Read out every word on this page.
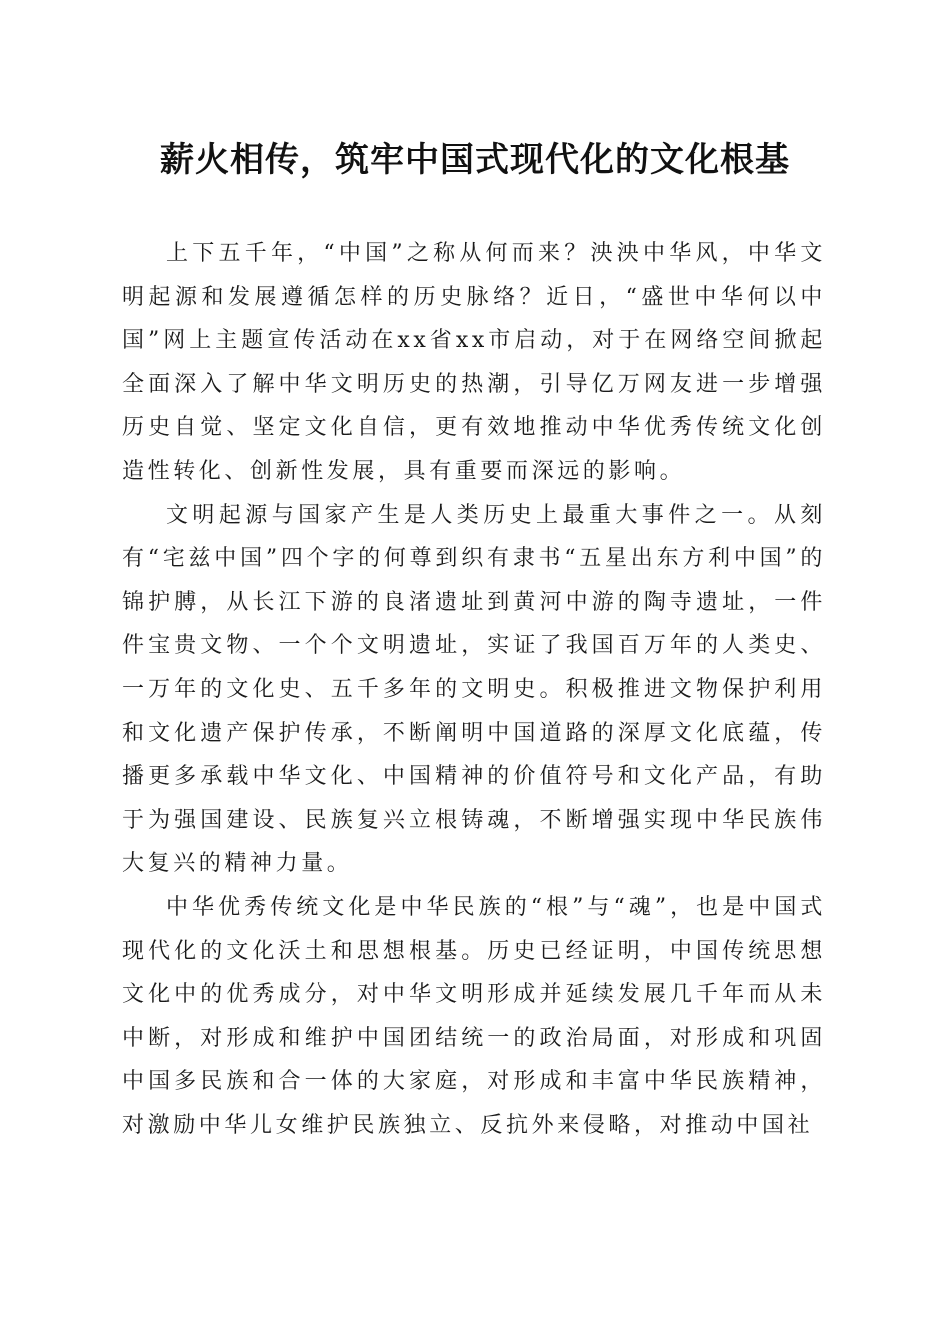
薪火相传，筑牢中国式现代化的文化根基

上下五千年，“中国”之称从何而来？泱泱中华风，中华文明起源和发展遵循怎样的历史脉络？近日，“盛世中华何以中国”网上主题宣传活动在xx省xx市启动，对于在网络空间掀起全面深入了解中华文明历史的热潮，引导亿万网友进一步增强历史自觉、坚定文化自信，更有效地推动中华优秀传统文化创造性转化、创新性发展，具有重要而深远的影响。

文明起源与国家产生是人类历史上最重大事件之一。从刻有“宅兹中国”四个字的何尊到织有隶书“五星出东方利中国”的锦护膊，从长江下游的良渚遗址到黄河中游的陶寺遗址，一件件宝贵文物、一个个文明遗址，实证了我国百万年的人类史、一万年的文化史、五千多年的文明史。积极推进文物保护利用和文化遗产保护传承，不断阐明中国道路的深厚文化底蕴，传播更多承载中华文化、中国精神的价值符号和文化产品，有助于为强国建设、民族复兴立根铸魂，不断增强实现中华民族伟大复兴的精神力量。

中华优秀传统文化是中华民族的“根”与“魂”，也是中国式现代化的文化沃土和思想根基。历史已经证明，中国传统思想文化中的优秀成分，对中华文明形成并延续发展几千年而从未中断，对形成和维护中国团结统一的政治局面，对形成和巩固中国多民族和合一体的大家庭，对形成和丰富中华民族精神，对激励中华儿女维护民族独立、反抗外来侵略，对推动中国社
